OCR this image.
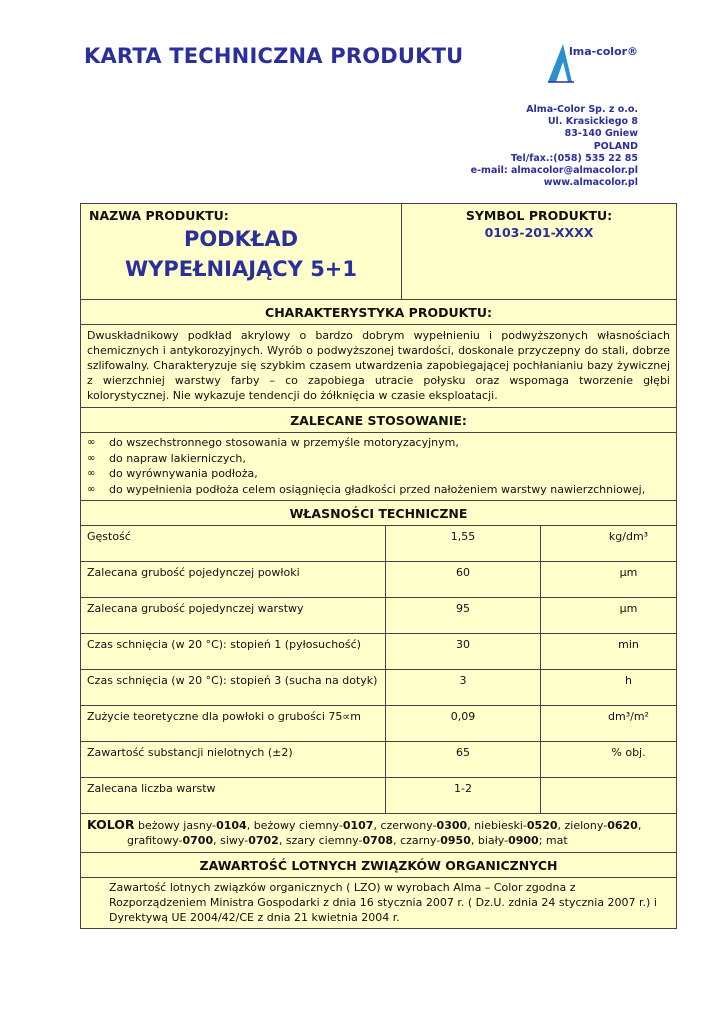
KARTA TECHNICZNA PRODUKTU	lma-color®
Alma-Color Sp. z o.o.
Ul. Krasickiego 8
83-140 Gniew
POLAND
Tel/fax.:(058) 535 22 85
e-mail: almacolor@almacolor.pl
www.almacolor.pl
NAZWA PRODUKTU:
PODKŁAD
WYPEŁNIAJĄCY 5+1
SYMBOL PRODUKTU:
0103-201-XXXX
CHARAKTERYSTYKA PRODUKTU:
Dwuskładnikowy podkład akrylowy o bardzo dobrym wypełnieniu i podwyższonych własnościach chemicznych i antykorozyjnych. Wyrób o podwyższonej twardości, doskonale przyczepny do stali, dobrze szlifowalny. Charakteryzuje się szybkim czasem utwardzenia zapobiegającej pochłanianiu bazy żywicznej z wierzchniej warstwy farby – co zapobiega utracie połysku oraz wspomaga tworzenie głębi kolorystycznej. Nie wykazuje tendencji do żółknięcia w czasie eksploatacji.
ZALECANE STOSOWANIE:
∞	do wszechstronnego stosowania w przemyśle motoryzacyjnym,
∞	do napraw lakierniczych,
∞	do wyrównywania podłoża,
∞	do wypełnienia podłoża celem osiągnięcia gładkości przed nałożeniem warstwy nawierzchniowej,
WŁASNOŚCI TECHNICZNE
Gęstość	1,55	kg/dm³
Zalecana grubość pojedynczej powłoki	60	µm
Zalecana grubość pojedynczej warstwy	95	µm
Czas schnięcia (w 20 °C): stopień 1 (pyłosuchość)	30	min
Czas schnięcia (w 20 °C): stopień 3 (sucha na dotyk)	3	h
Zużycie teoretyczne dla powłoki o grubości 75∝m	0,09	dm³/m²
Zawartość substancji nielotnych (±2)	65	% obj.
Zalecana liczba warstw	1-2	
KOLOR beżowy jasny-0104, beżowy ciemny-0107, czerwony-0300, niebieski-0520, zielony-0620,
grafitowy-0700, siwy-0702, szary ciemny-0708, czarny-0950, biały-0900; mat
ZAWARTOŚĆ LOTNYCH ZWIĄZKÓW ORGANICZNYCH
Zawartość lotnych związków organicznych ( LZO) w wyrobach Alma – Color zgodna z Rozporządzeniem Ministra Gospodarki z dnia 16 stycznia 2007 r. ( Dz.U. zdnia 24 stycznia 2007 r.) i Dyrektywą UE 2004/42/CE z dnia 21 kwietnia 2004 r.
